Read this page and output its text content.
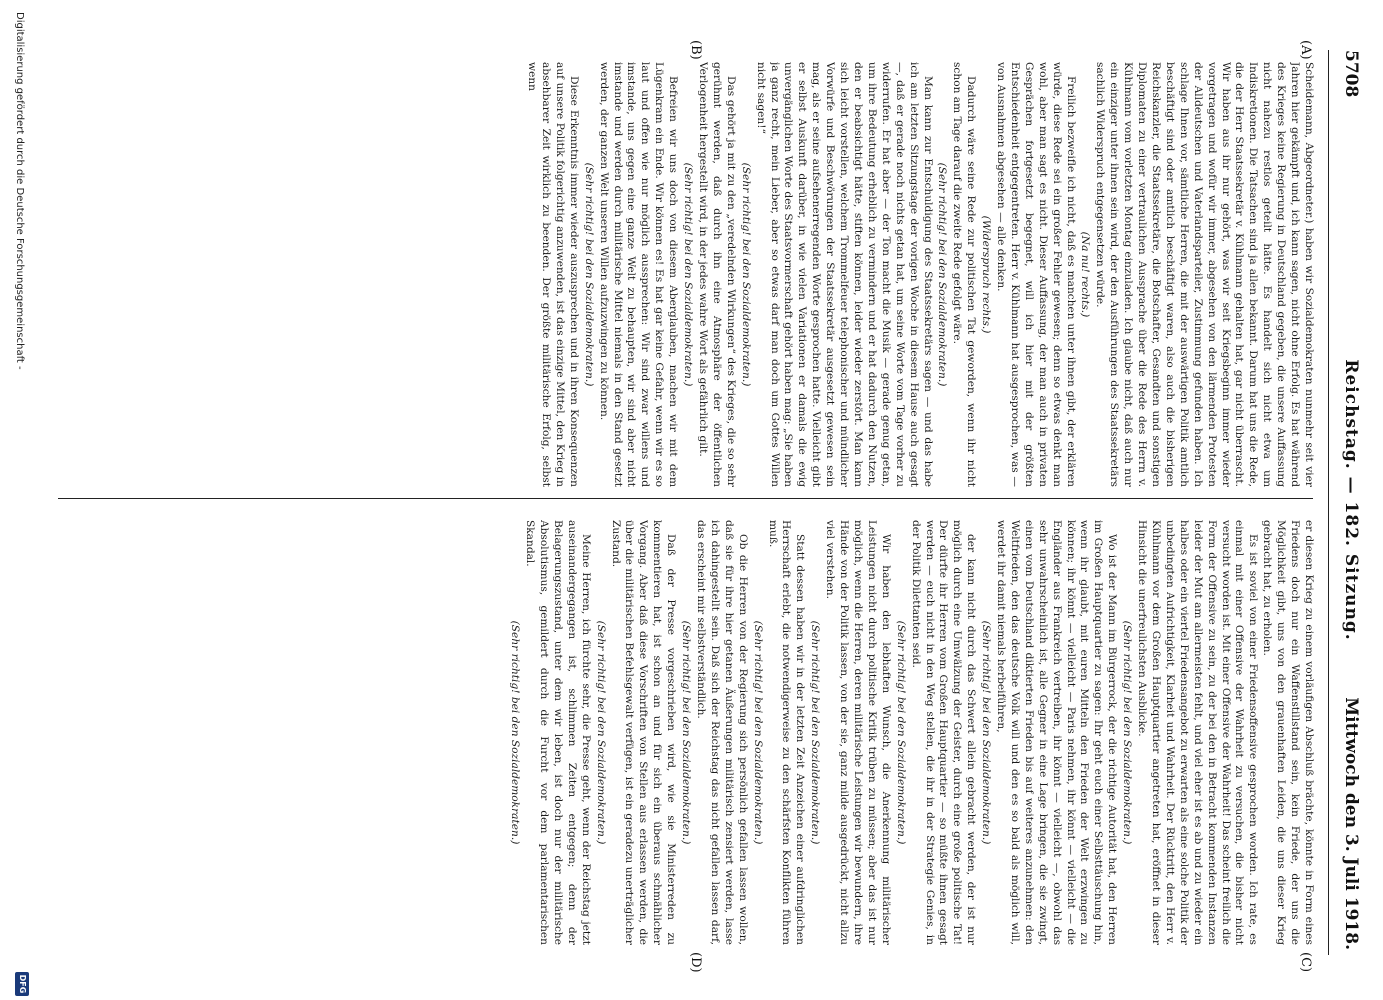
5708
Reichstag. — 182. Sitzung.
Mittwoch den 3. Juli 1918.
(A)
(B)
(C)
(D)

Scheidemann, Abgeordneter.) haben wir Sozialdemokraten nunmehr seit vier Jahren hier gekämpft und, ich kann sagen, nicht ohne Erfolg. Es hat während des Krieges keine Regierung in Deutschland gegeben, die unsere Auffassung nicht nahezu restlos geteilt hätte. Es handelt sich nicht etwa um Indiskretionen. Die Tatsachen sind ja allen bekannt. Darum hat uns die Rede, die der Herr Staatssekretär v. Kühlmann gehalten hat, gar nicht überrascht. Wir haben aus ihr nur gehört, was wir seit Kriegsbeginn immer wieder vorgetragen und wofür wir immer, abgesehen von den lärmenden Protesten der Alldeutschen und Vaterlandsparteiler, Zustimmung gefunden haben. Ich schlage Ihnen vor, sämtliche Herren, die mit der auswärtigen Politik amtlich beschäftigt sind oder amtlich beschäftigt waren, also auch die bisherigen Reichskanzler, die Staatssekretäre, die Botschafter, Gesandten und sonstigen Diplomaten zu einer vertraulichen Aussprache über die Rede des Herrn v. Kühlmann vom vorletzten Montag einzuladen. Ich glaube nicht, daß auch nur ein einziger unter ihnen sein wird, der den Ausführungen des Staatssekretärs sachlich Widerspruch entgegensetzen würde.

(Na nu! rechts.)

Freilich bezweifle ich nicht, daß es manchen unter ihnen gibt, der erklären würde, diese Rede sei ein großer Fehler gewesen; denn so etwas denkt man wohl, aber man sagt es nicht. Dieser Auffassung, der man auch in privaten Gesprächen fortgesetzt begegnet, will ich hier mit der größten Entschiedenheit entgegentreten. Herr v. Kühlmann hat ausgesprochen, was — von Ausnahmen abgesehen — alle denken.

(Widerspruch rechts.)

Dadurch wäre seine Rede zur politischen Tat geworden, wenn ihr nicht schon am Tage darauf die zweite Rede gefolgt wäre.

(Sehr richtig! bei den Sozialdemokraten.)

Man kann zur Entschuldigung des Staatssekretärs sagen — und das habe ich am letzten Sitzungstage der vorigen Woche in diesem Hause auch gesagt —, daß er gerade noch nichts getan hat, um seine Worte vom Tage vorher zu widerrufen. Er hat aber — der Ton macht die Musik — gerade genug getan, um ihre Bedeutung erheblich zu vermindern und er hat dadurch den Nutzen, den er beabsichtigt hätte, stiften können, leider wieder zerstört. Man kann sich leicht vorstellen, welchem Trommelfeuer telephonischer und mündlicher Vorwürfe und Beschwörungen der Staatssekretär ausgesetzt gewesen sein mag, als er seine aufsehenerregenden Worte gesprochen hatte. Vielleicht gibt er selbst Auskunft darüber, in wie vielen Variationen er damals die ewig unvergänglichen Worte des Staatsvormerschaft gehört haben mag: „Sie haben ja ganz recht, mein Lieber, aber so etwas darf man doch um Gottes Willen nicht sagen!“

(Sehr richtig! bei den Sozialdemokraten.)

Das gehört ja mit zu den „veredelnden Wirkungen“ des Krieges, die so sehr gerühmt werden, daß durch ihn eine Atmosphäre der öffentlichen Verlogenheit hergestellt wird, in der jedes wahre Wort als gefährlich gilt.

(Sehr richtig! bei den Sozialdemokraten.)

Befreien wir uns doch von diesem Aberglauben, machen wir mit dem Lügenkram ein Ende. Wir können es! Es hat gar keine Gefahr, wenn wir es so laut und offen wie nur möglich aussprechen: Wir sind zwar willens und imstande, uns gegen eine ganze Welt zu behaupten, wir sind aber nicht imstande und werden durch militärische Mittel niemals in den Stand gesetzt werden, der ganzen Welt unseren Willen aufzuzwingen zu können.

(Sehr richtig! bei den Sozialdemokraten.)

Diese Erkenntnis immer wieder auszusprechen und in ihren Konsequenzen auf unsere Politik folgerichtig anzuwenden, ist das einzige Mittel, den Krieg in absehbarer Zeit wirklich zu beenden. Der größte militärische Erfolg, selbst wenn

er diesen Krieg zu einem vorläufigen Abschluß brächte, könnte in Form eines Friedens doch nur ein Waffenstillstand sein, kein Friede, der uns die Möglichkeit gibt, uns von den grauenhaften Leiden, die uns dieser Krieg gebracht hat, zu erholen.

Es ist soviel von einer Friedensoffensive gesprochen worden. Ich rate, es einmal mit einer Offensive der Wahrheit zu versuchen, die bisher nicht versucht worden ist. Mit einer Offensive der Wahrheit! Das scheint freilich die Form der Offensive zu sein, zu der bei den in Betracht kommenden Instanzen leider der Mut am allermeisten fehlt, und viel eher ist es ab und zu wieder ein halbes oder ein viertel Friedensangebot zu erwarten als eine solche Politik der unbedingten Aufrichtigkeit, Klarheit und Wahrheit. Der Rücktritt, den Herr v. Kühlmann vor dem Großen Hauptquartier angetreten hat, eröffnet in dieser Hinsicht die unerfreulichsten Ausblicke.

(Sehr richtig! bei den Sozialdemokraten.)

Wo ist der Mann im Bürgerrock, der die richtige Autorität hat, den Herren im Großen Hauptquartier zu sagen: Ihr geht euch einer Selbsttäuschung hin, wenn ihr glaubt, mit euren Mitteln den Frieden der Welt erzwingen zu können; ihr könnt — vielleicht — Paris nehmen, ihr könnt — vielleicht — die Engländer aus Frankreich vertreiben, ihr könnt — vielleicht —, obwohl das sehr unwahrscheinlich ist, alle Gegner in eine Lage bringen, die sie zwingt, einen vom Deutschland diktierten Frieden bis auf weiteres anzunehmen: den Weltfrieden, den das deutsche Volk will und den es so bald als möglich will, werdet ihr damit niemals herbeiführen,

(Sehr richtig! bei den Sozialdemokraten.)

der kann nicht durch das Schwert allein gebracht werden, der ist nur möglich durch eine Umwälzung der Geister, durch eine große politische Tat! Der dürfte ihr Herren vom Großen Hauptquartier — so müßte ihnen gesagt werden — euch nicht in den Weg stellen, die ihr in der Strategie Genies, in der Politik Dilettanten seid.

(Sehr richtig! bei den Sozialdemokraten.)

Wir haben den lebhaften Wunsch, die Anerkennung militärischer Leistungen nicht durch politische Kritik trüben zu müssen; aber das ist nur möglich, wenn die Herren, deren militärische Leistungen wir bewundern, ihre Hände von der Politik lassen, von der sie, ganz milde ausgedrückt, nicht allzu viel verstehen.

(Sehr richtig! bei den Sozialdemokraten.)

Statt dessen haben wir in der letzten Zeit Anzeichen einer aufdringlichen Herrschaft erlebt, die notwendigerweise zu den schärfsten Konflikten führen muß.

(Sehr richtig! bei den Sozialdemokraten.)

Ob die Herren von der Regierung sich persönlich gefallen lassen wollen, daß sie für ihre hier getanen Äußerungen militärisch zensiert werden, lasse ich dahingestellt sein. Daß sich der Reichstag das nicht gefallen lassen darf, das erscheint mir selbstverständlich.

(Sehr richtig! bei den Sozialdemokraten.)

Daß der Presse vorgeschrieben wird, wie sie Ministerreden zu kommentieren hat, ist schon an und für sich ein überaus schmählicher Vorgang. Aber daß diese Vorschriften von Stellen aus erlassen werden, die über die militärischen Befehlsgewalt verfügen, ist ein geradezu unerträglicher Zustand.

(Sehr richtig! bei den Sozialdemokraten.)

Meine Herren, ich fürchte sehr, die Presse geht, wenn der Reichstag jetzt auseinandergegangen ist, schlimmen Zeiten entgegen; denn der Belagerungszustand, unter dem wir leben, ist doch nur der militärische Absolutismus, gemildert durch die Furcht vor dem parlamentarischen Skandal.

(Sehr richtig! bei den Sozialdemokraten.)

Digitalisierung gefördert durch die Deutsche Forschungsgemeinschaft -
DFG
